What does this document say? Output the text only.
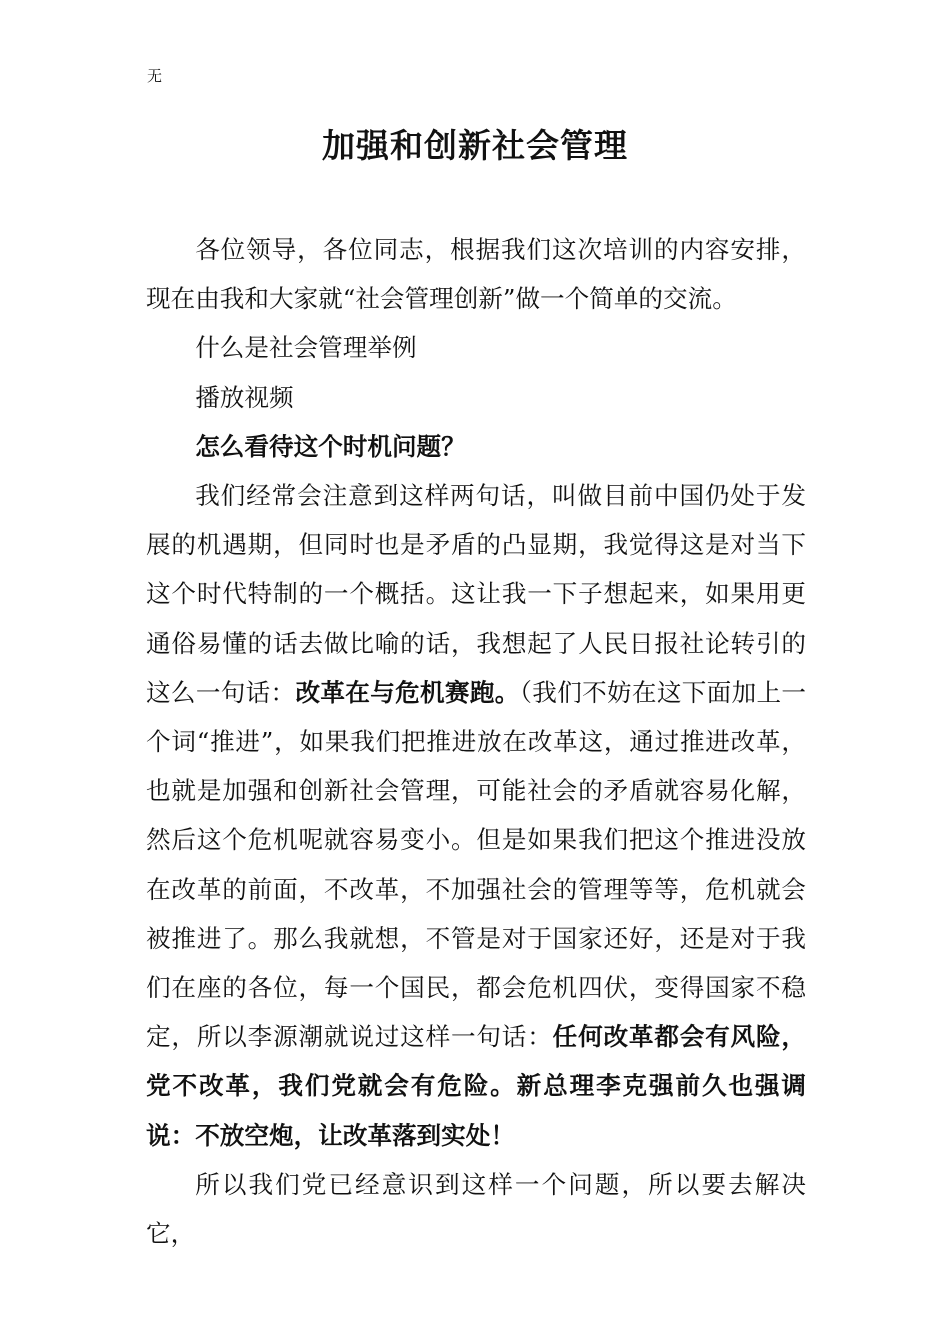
无
加强和创新社会管理

各位领导，各位同志，根据我们这次培训的内容安排，现在由我和大家就“社会管理创新”做一个简单的交流。

什么是社会管理举例

播放视频

怎么看待这个时机问题？

我们经常会注意到这样两句话，叫做目前中国仍处于发展的机遇期，但同时也是矛盾的凸显期，我觉得这是对当下这个时代特制的一个概括。这让我一下子想起来，如果用更通俗易懂的话去做比喻的话，我想起了人民日报社论转引的这么一句话：改革在与危机赛跑。（我们不妨在这下面加上一个词“推进”，如果我们把推进放在改革这，通过推进改革，也就是加强和创新社会管理，可能社会的矛盾就容易化解，然后这个危机呢就容易变小。但是如果我们把这个推进没放在改革的前面，不改革，不加强社会的管理等等，危机就会被推进了。那么我就想，不管是对于国家还好，还是对于我们在座的各位，每一个国民，都会危机四伏，变得国家不稳定，所以李源潮就说过这样一句话：任何改革都会有风险，党不改革，我们党就会有危险。新总理李克强前久也强调说：不放空炮，让改革落到实处！

所以我们党已经意识到这样一个问题，所以要去解决它，
